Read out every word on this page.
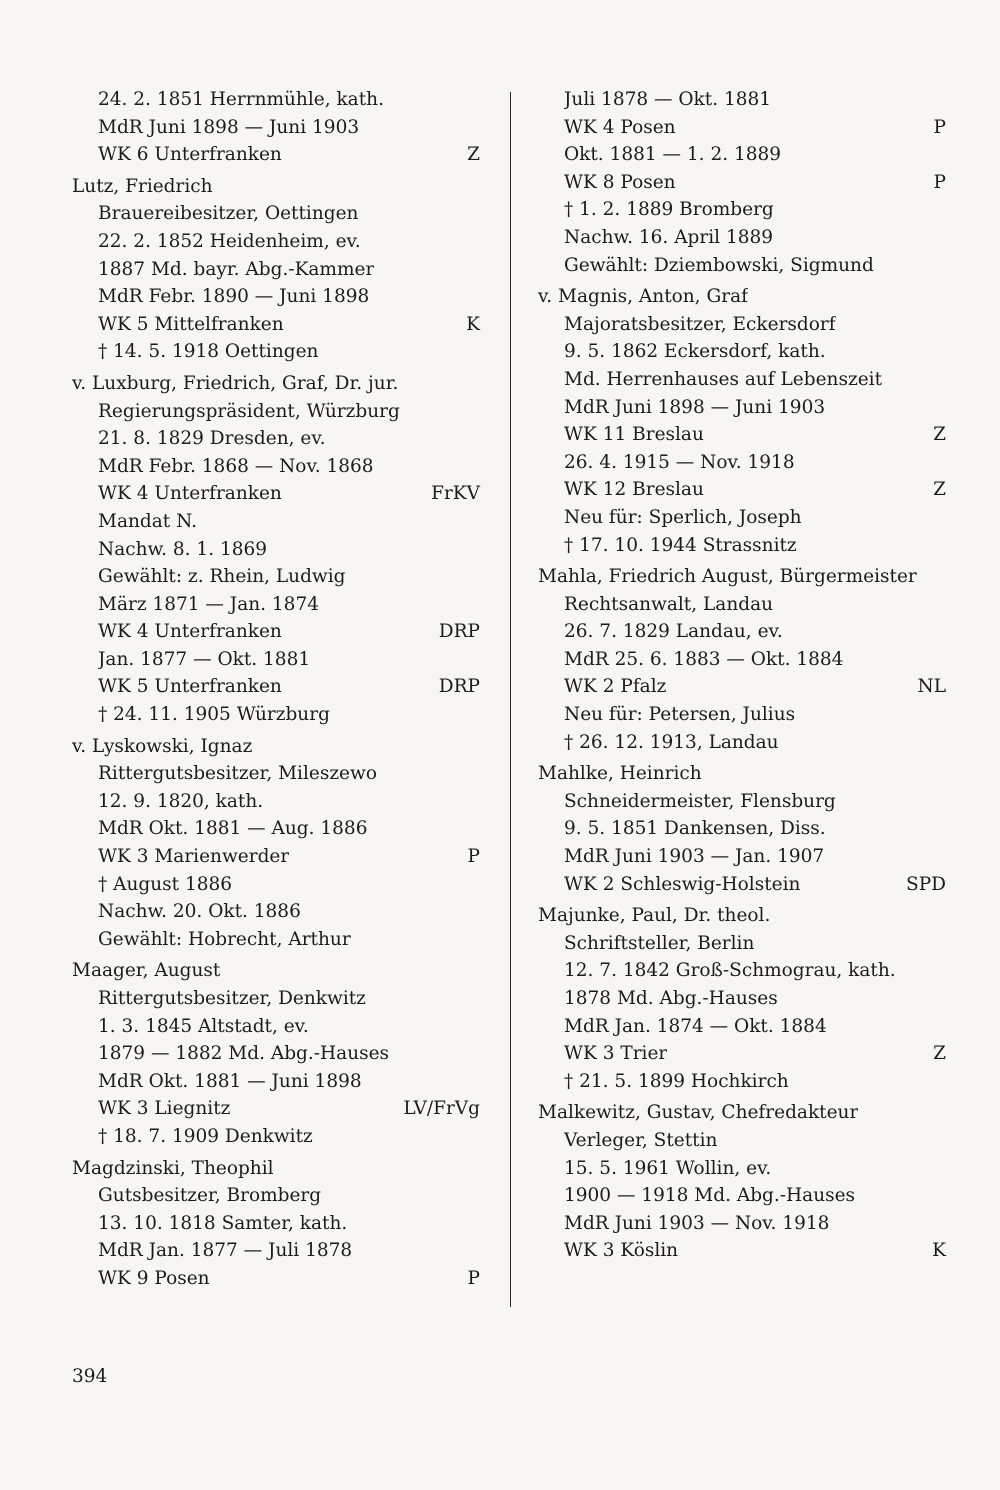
24. 2. 1851 Herrnmühle, kath.
MdR Juni 1898 — Juni 1903
WK 6 Unterfranken	Z
Lutz, Friedrich
Brauereibesitzer, Oettingen
22. 2. 1852 Heidenheim, ev.
1887 Md. bayr. Abg.-Kammer
MdR Febr. 1890 — Juni 1898
WK 5 Mittelfranken	K
† 14. 5. 1918 Oettingen
v. Luxburg, Friedrich, Graf, Dr. jur.
Regierungspräsident, Würzburg
21. 8. 1829 Dresden, ev.
MdR Febr. 1868 — Nov. 1868
WK 4 Unterfranken	FrKV
Mandat N.
Nachw. 8. 1. 1869
Gewählt: z. Rhein, Ludwig
März 1871 — Jan. 1874
WK 4 Unterfranken	DRP
Jan. 1877 — Okt. 1881
WK 5 Unterfranken	DRP
† 24. 11. 1905 Würzburg
v. Lyskowski, Ignaz
Rittergutsbesitzer, Mileszewo
12. 9. 1820, kath.
MdR Okt. 1881 — Aug. 1886
WK 3 Marienwerder	P
† August 1886
Nachw. 20. Okt. 1886
Gewählt: Hobrecht, Arthur
Maager, August
Rittergutsbesitzer, Denkwitz
1. 3. 1845 Altstadt, ev.
1879 — 1882 Md. Abg.-Hauses
MdR Okt. 1881 — Juni 1898
WK 3 Liegnitz	LV/FrVg
† 18. 7. 1909 Denkwitz
Magdzinski, Theophil
Gutsbesitzer, Bromberg
13. 10. 1818 Samter, kath.
MdR Jan. 1877 — Juli 1878
WK 9 Posen	P
Juli 1878 — Okt. 1881
WK 4 Posen	P
Okt. 1881 — 1. 2. 1889
WK 8 Posen	P
† 1. 2. 1889 Bromberg
Nachw. 16. April 1889
Gewählt: Dziembowski, Sigmund
v. Magnis, Anton, Graf
Majoratsbesitzer, Eckersdorf
9. 5. 1862 Eckersdorf, kath.
Md. Herrenhauses auf Lebenszeit
MdR Juni 1898 — Juni 1903
WK 11 Breslau	Z
26. 4. 1915 — Nov. 1918
WK 12 Breslau	Z
Neu für: Sperlich, Joseph
† 17. 10. 1944 Strassnitz
Mahla, Friedrich August, Bürgermeister
Rechtsanwalt, Landau
26. 7. 1829 Landau, ev.
MdR 25. 6. 1883 — Okt. 1884
WK 2 Pfalz	NL
Neu für: Petersen, Julius
† 26. 12. 1913, Landau
Mahlke, Heinrich
Schneidermeister, Flensburg
9. 5. 1851 Dankensen, Diss.
MdR Juni 1903 — Jan. 1907
WK 2 Schleswig-Holstein	SPD
Majunke, Paul, Dr. theol.
Schriftsteller, Berlin
12. 7. 1842 Groß-Schmograu, kath.
1878 Md. Abg.-Hauses
MdR Jan. 1874 — Okt. 1884
WK 3 Trier	Z
† 21. 5. 1899 Hochkirch
Malkewitz, Gustav, Chefredakteur
Verleger, Stettin
15. 5. 1961 Wollin, ev.
1900 — 1918 Md. Abg.-Hauses
MdR Juni 1903 — Nov. 1918
WK 3 Köslin	K
394
